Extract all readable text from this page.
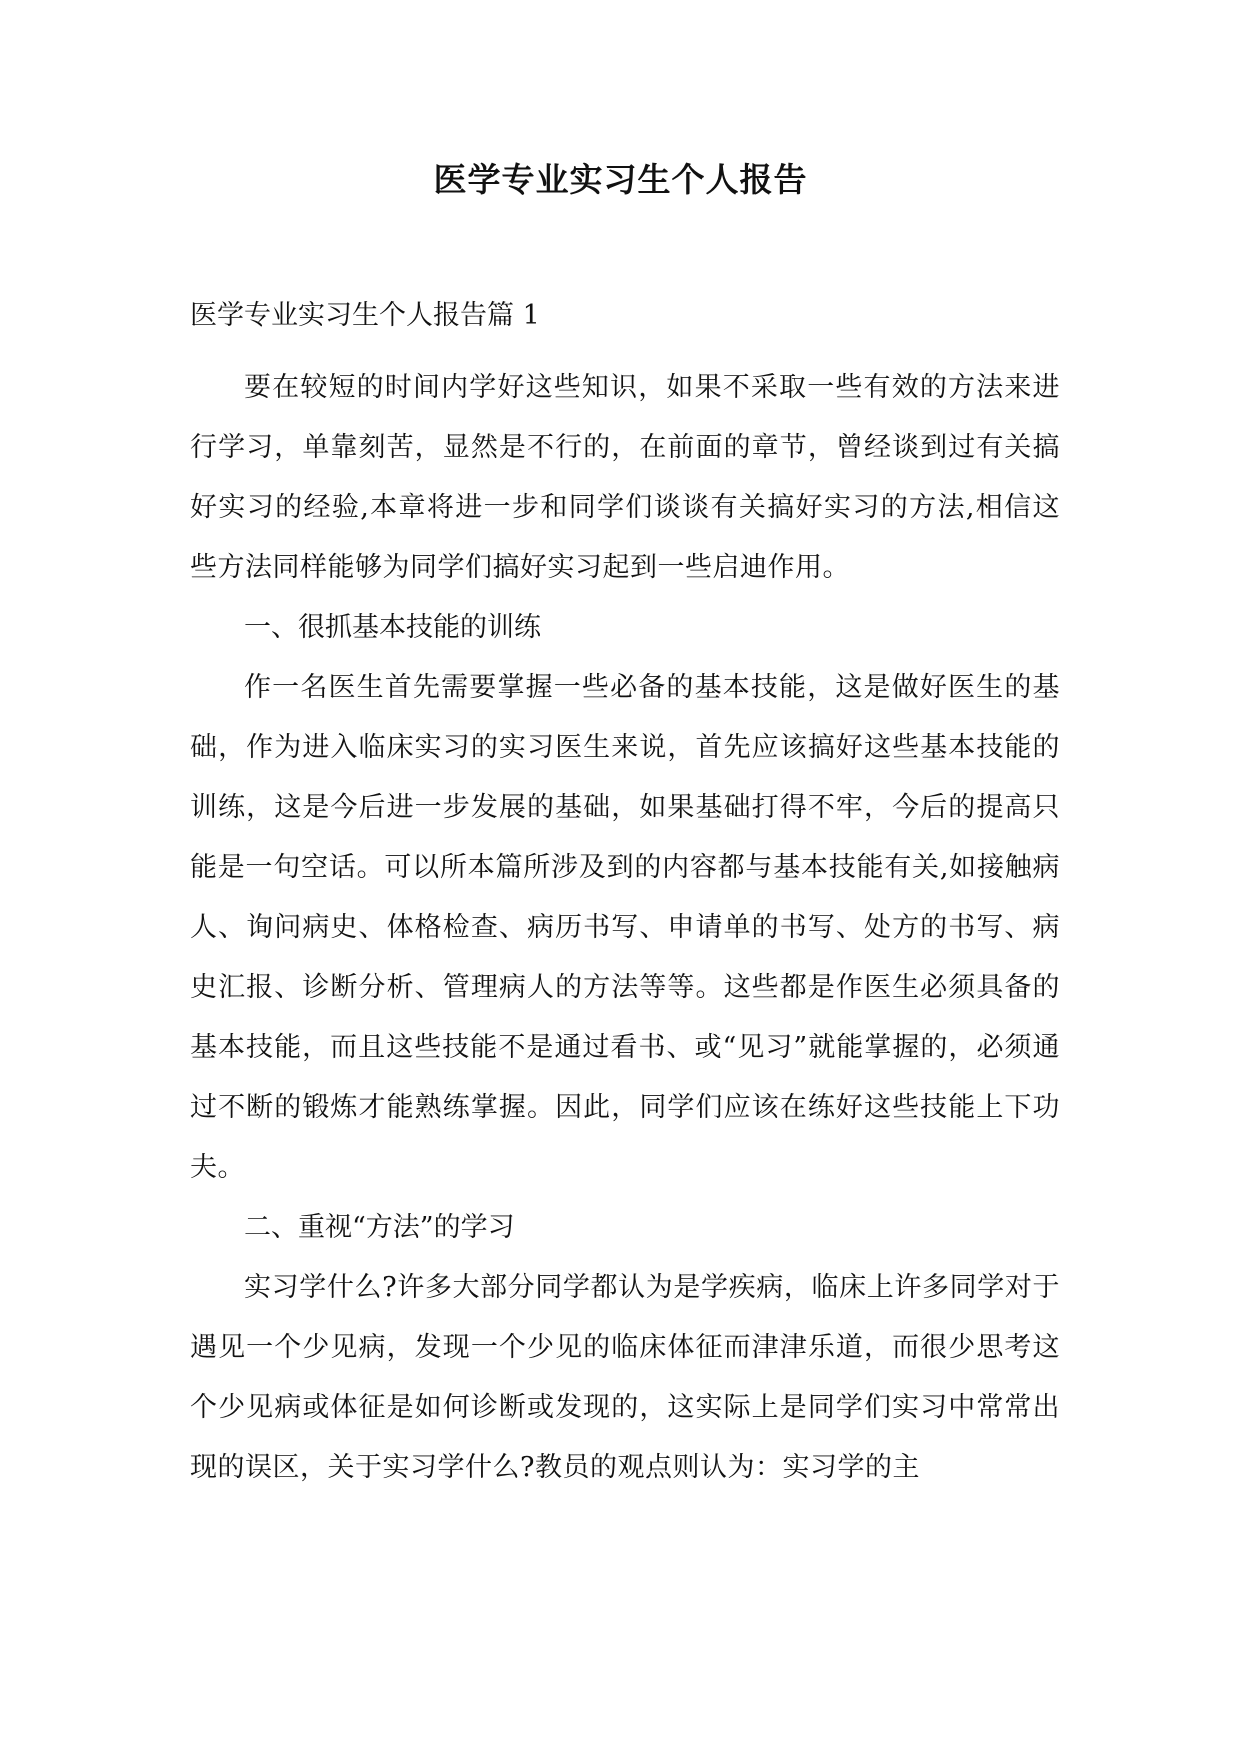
医学专业实习生个人报告
医学专业实习生个人报告篇 1

要在较短的时间内学好这些知识，如果不采取一些有效的方法来进行学习，单靠刻苦，显然是不行的，在前面的章节，曾经谈到过有关搞好实习的经验,本章将进一步和同学们谈谈有关搞好实习的方法,相信这些方法同样能够为同学们搞好实习起到一些启迪作用。

一、很抓基本技能的训练

作一名医生首先需要掌握一些必备的基本技能，这是做好医生的基础，作为进入临床实习的实习医生来说，首先应该搞好这些基本技能的训练，这是今后进一步发展的基础，如果基础打得不牢，今后的提高只能是一句空话。可以所本篇所涉及到的内容都与基本技能有关,如接触病人、询问病史、体格检查、病历书写、申请单的书写、处方的书写、病史汇报、诊断分析、管理病人的方法等等。这些都是作医生必须具备的基本技能，而且这些技能不是通过看书、或“见习”就能掌握的，必须通过不断的锻炼才能熟练掌握。因此，同学们应该在练好这些技能上下功夫。

二、重视“方法”的学习

实习学什么?许多大部分同学都认为是学疾病，临床上许多同学对于遇见一个少见病，发现一个少见的临床体征而津津乐道，而很少思考这个少见病或体征是如何诊断或发现的，这实际上是同学们实习中常常出现的误区，关于实习学什么?教员的观点则认为：实习学的主
